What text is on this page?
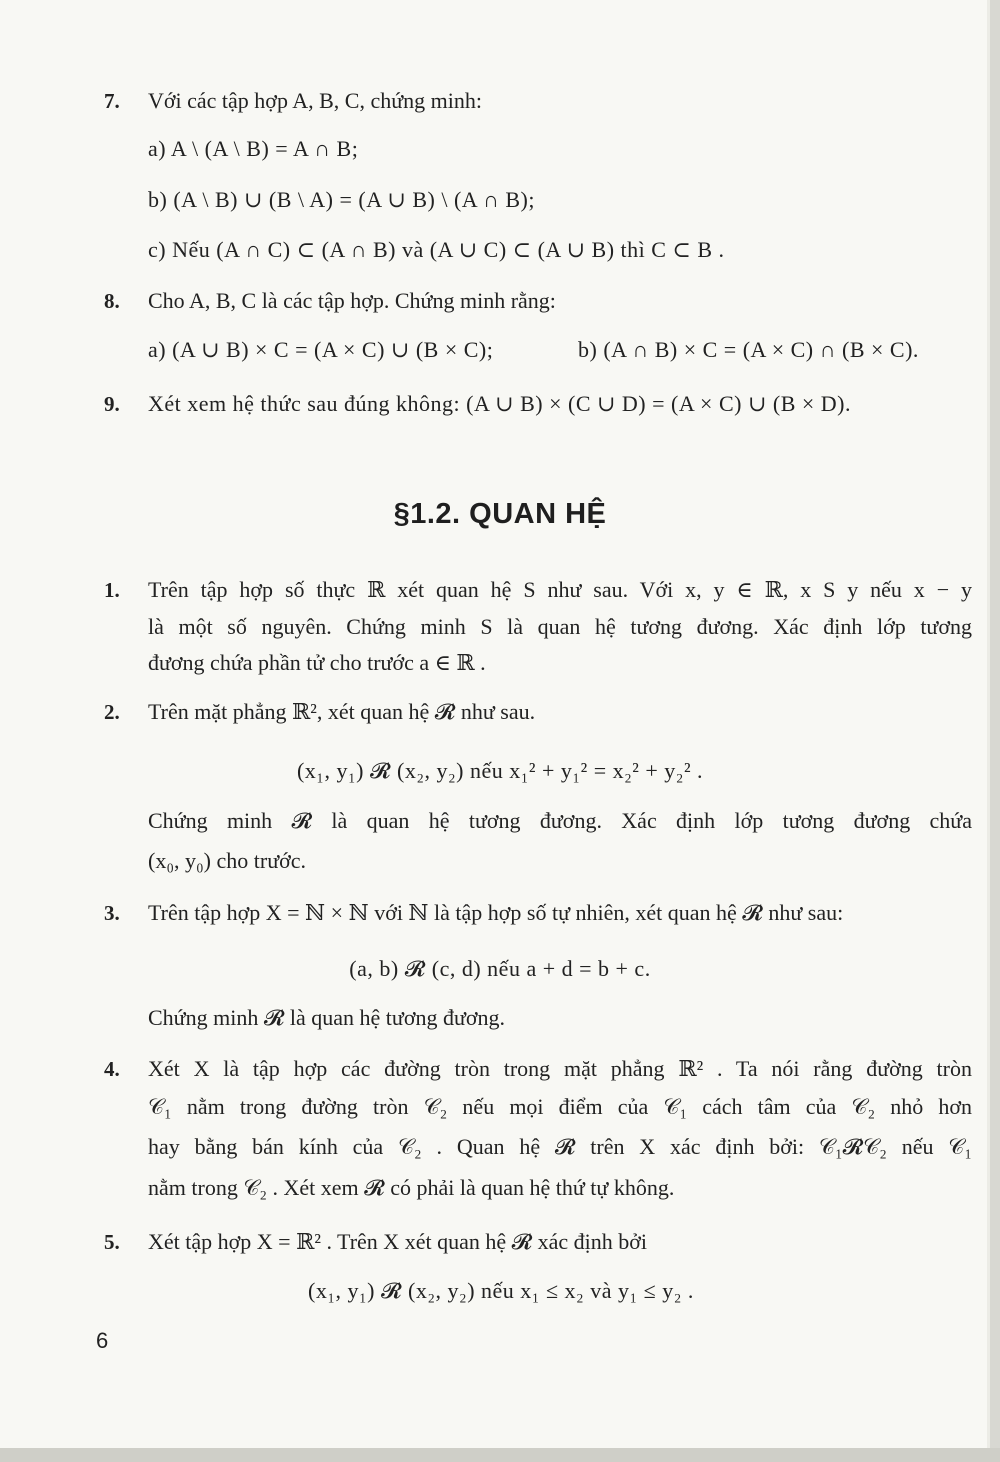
7. Với các tập hợp A, B, C, chứng minh:
a) A \ (A \ B) = A ∩ B;
b) (A \ B) ∪ (B \ A) = (A ∪ B) \ (A ∩ B);
c) Nếu (A ∩ C) ⊂ (A ∩ B) và (A ∪ C) ⊂ (A ∪ B) thì C ⊂ B .
8. Cho A, B, C là các tập hợp. Chứng minh rằng:
a) (A ∪ B) × C = (A × C) ∪ (B × C);	b) (A ∩ B) × C = (A × C) ∩ (B × C).
9. Xét xem hệ thức sau đúng không: (A ∪ B) × (C ∪ D) = (A × C) ∪ (B × D).
§1.2. QUAN HỆ
1. Trên tập hợp số thực ℝ xét quan hệ S như sau. Với x, y ∈ ℝ, x S y nếu x − y
là một số nguyên. Chứng minh S là quan hệ tương đương. Xác định lớp tương
đương chứa phần tử cho trước a ∈ ℝ .
2. Trên mặt phẳng ℝ², xét quan hệ 𝓡 như sau.
(x₁, y₁) 𝓡 (x₂, y₂) nếu x₁² + y₁² = x₂² + y₂² .
Chứng minh 𝓡 là quan hệ tương đương. Xác định lớp tương đương chứa
(x₀, y₀) cho trước.
3. Trên tập hợp X = ℕ × ℕ với ℕ là tập hợp số tự nhiên, xét quan hệ 𝓡 như sau:
(a, b) 𝓡 (c, d) nếu a + d = b + c.
Chứng minh 𝓡 là quan hệ tương đương.
4. Xét X là tập hợp các đường tròn trong mặt phẳng ℝ² . Ta nói rằng đường tròn
𝒞₁ nằm trong đường tròn 𝒞₂ nếu mọi điểm của 𝒞₁ cách tâm của 𝒞₂ nhỏ hơn
hay bằng bán kính của 𝒞₂ . Quan hệ 𝓡 trên X xác định bởi: 𝒞₁𝓡𝒞₂ nếu 𝒞₁
nằm trong 𝒞₂ . Xét xem 𝓡 có phải là quan hệ thứ tự không.
5. Xét tập hợp X = ℝ² . Trên X xét quan hệ 𝓡 xác định bởi
(x₁, y₁) 𝓡 (x₂, y₂) nếu x₁ ≤ x₂ và y₁ ≤ y₂ .
6
